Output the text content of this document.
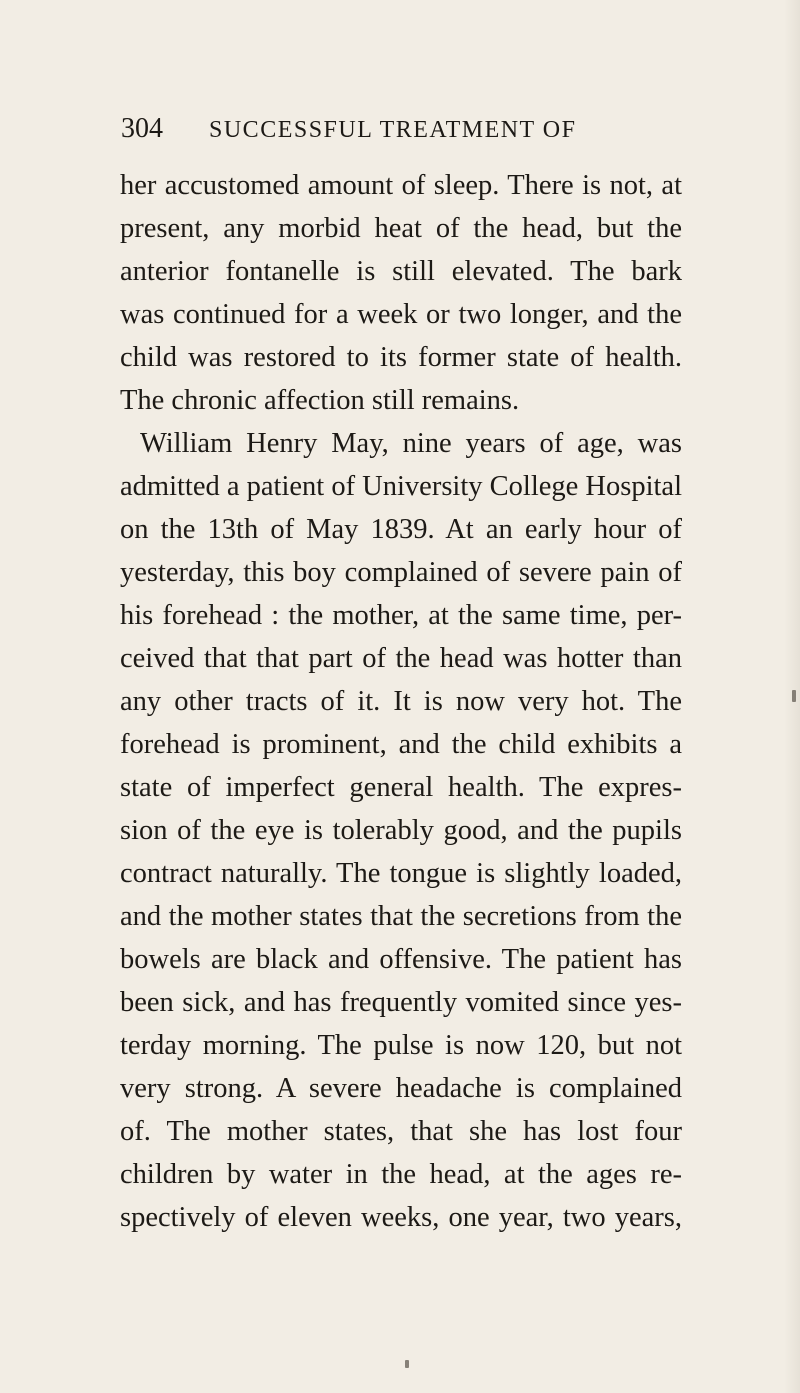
304 SUCCESSFUL TREATMENT OF
her accustomed amount of sleep. There is not, at
present, any morbid heat of the head, but the
anterior fontanelle is still elevated. The bark
was continued for a week or two longer, and the
child was restored to its former state of health.
The chronic affection still remains.
William Henry May, nine years of age, was
admitted a patient of University College Hospital
on the 13th of May 1839. At an early hour of
yesterday, this boy complained of severe pain of
his forehead : the mother, at the same time, per-
ceived that that part of the head was hotter than
any other tracts of it. It is now very hot. The
forehead is prominent, and the child exhibits a
state of imperfect general health. The expres-
sion of the eye is tolerably good, and the pupils
contract naturally. The tongue is slightly loaded,
and the mother states that the secretions from the
bowels are black and offensive. The patient has
been sick, and has frequently vomited since yes-
terday morning. The pulse is now 120, but not
very strong. A severe headache is complained
of. The mother states, that she has lost four
children by water in the head, at the ages re-
spectively of eleven weeks, one year, two years,
